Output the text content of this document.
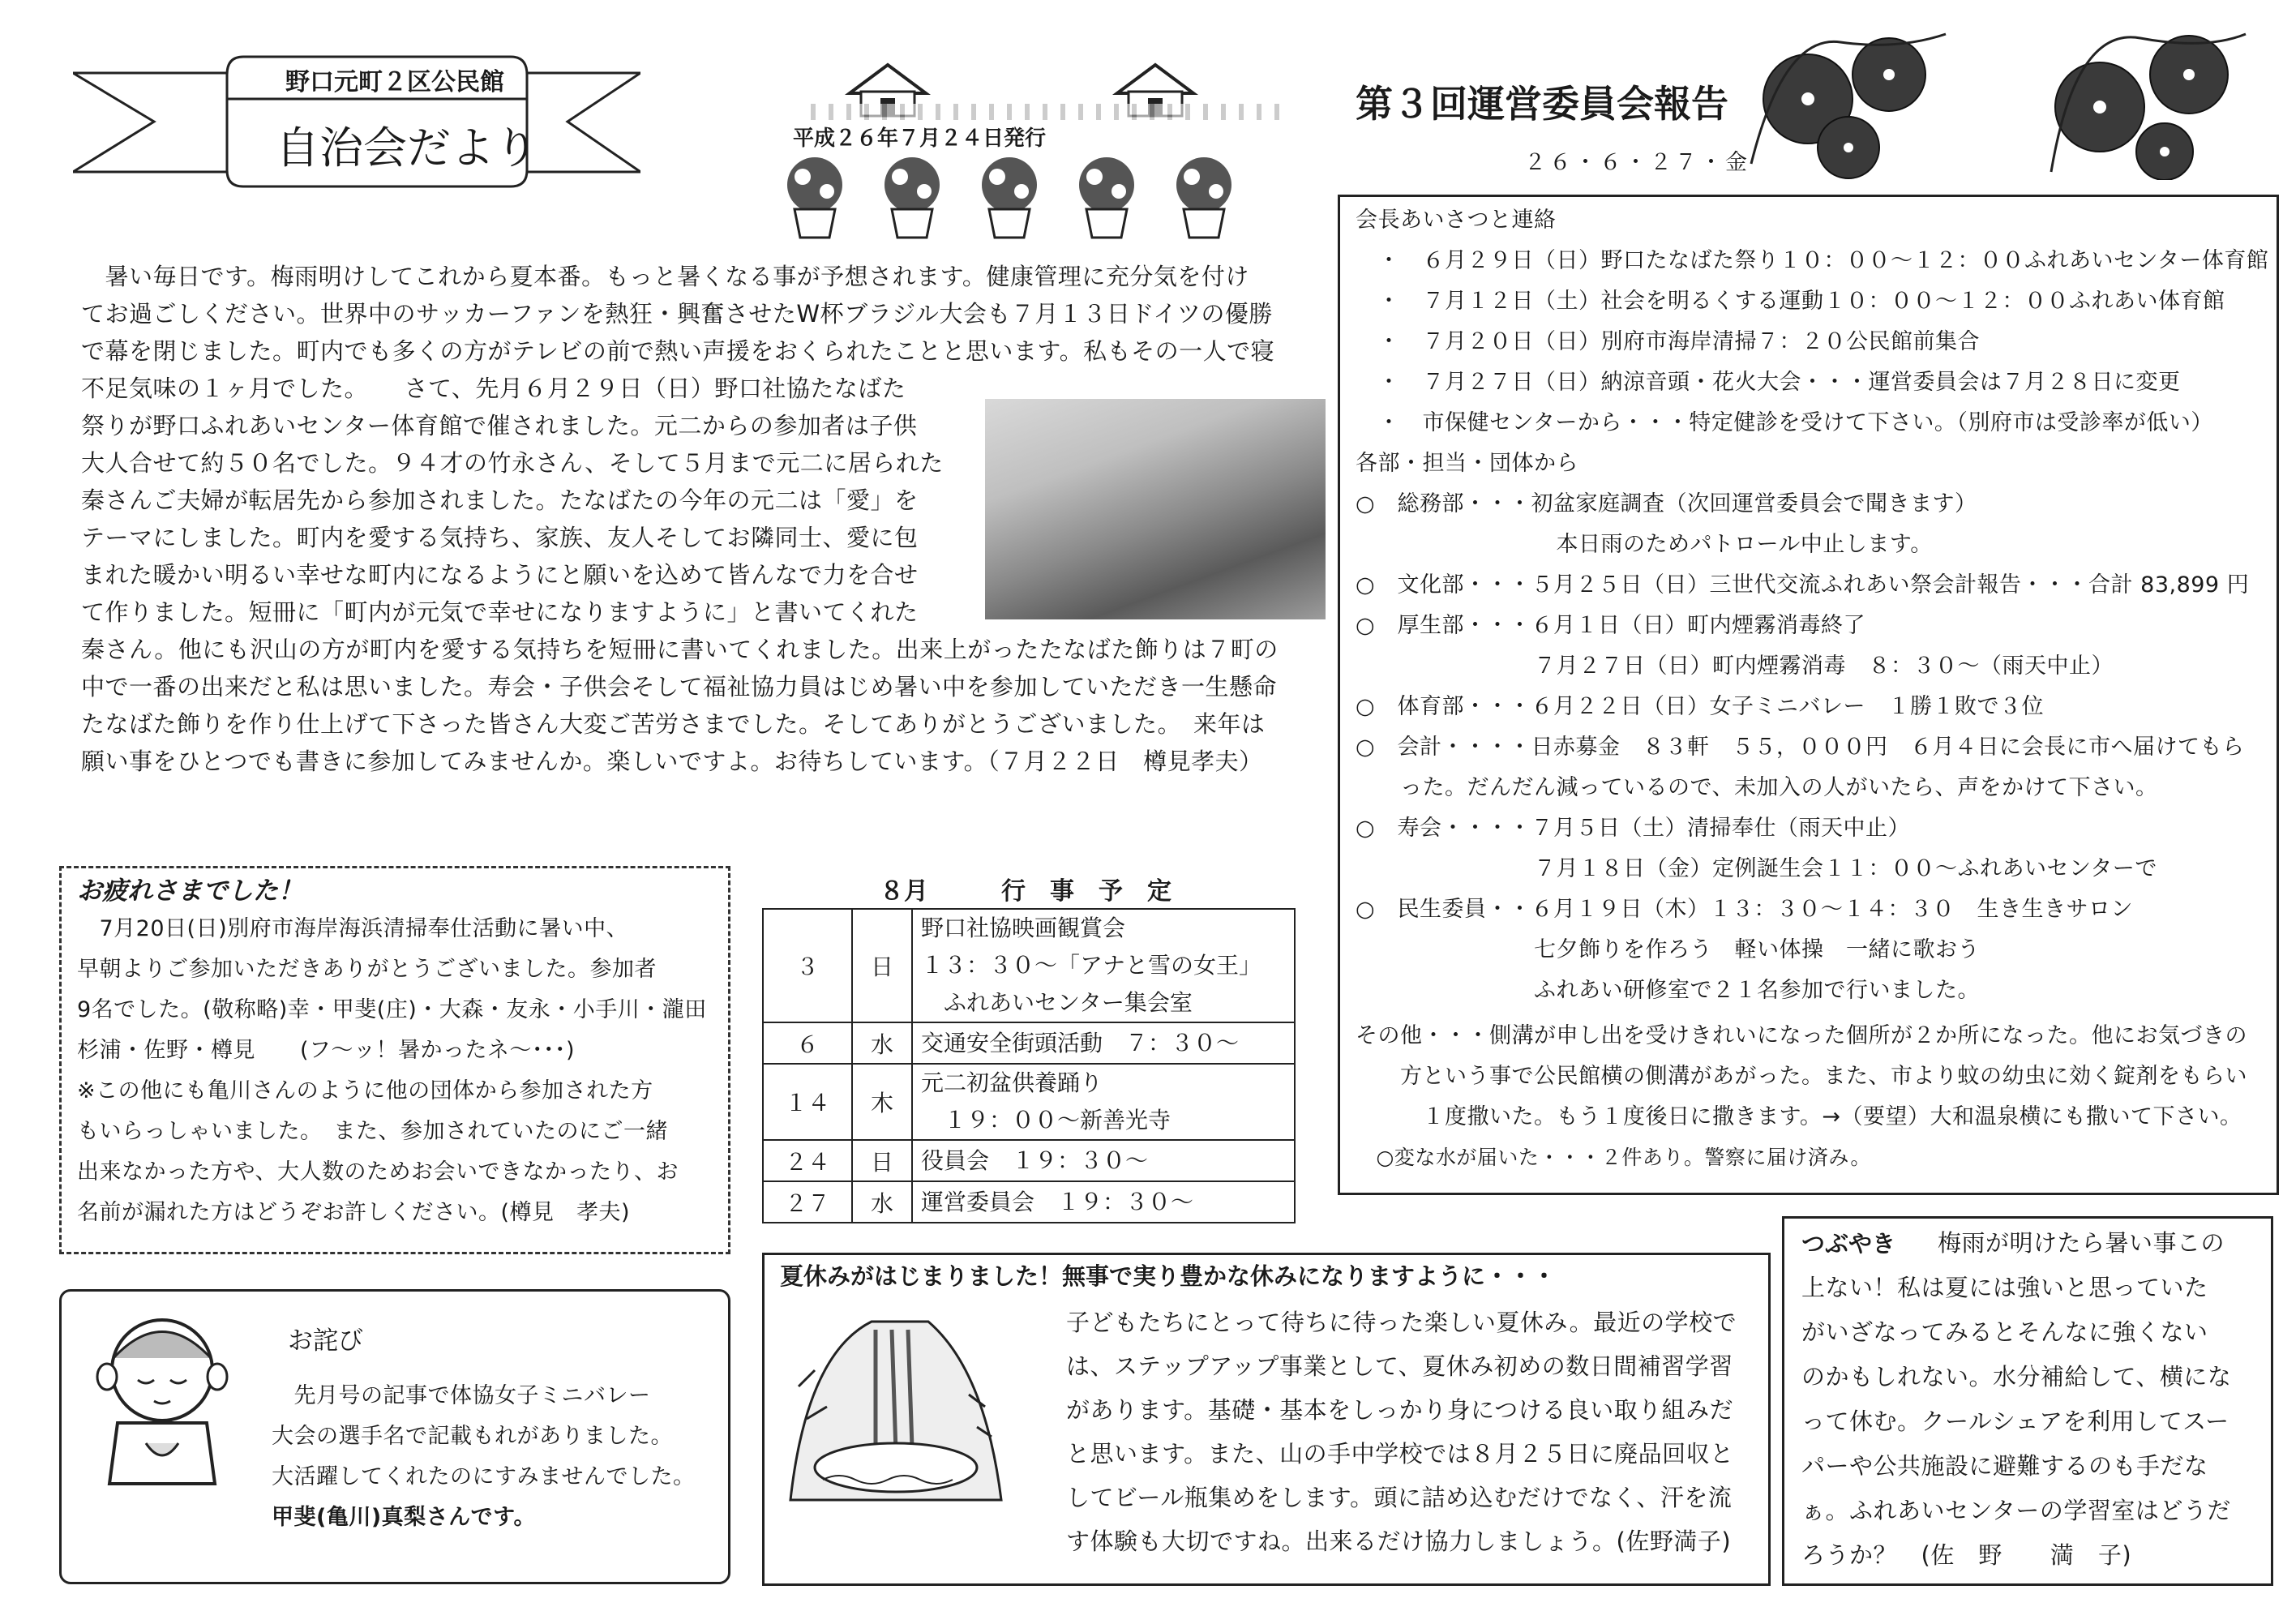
野口元町２区公民館
自治会だより	平成２６年７月２４日発行
第３回運営委員会報告
２６・６・２７・金
　暑い毎日です。梅雨明けしてこれから夏本番。もっと暑くなる事が予想されます。健康管理に充分気を付け
てお過ごしください。世界中のサッカーファンを熱狂・興奮させたW杯ブラジル大会も７月１３日ドイツの優勝
で幕を閉じました。町内でも多くの方がテレビの前で熱い声援をおくられたことと思います。私もその一人で寝
不足気味の１ヶ月でした。　　さて、先月６月２９日（日）野口社協たなばた
祭りが野口ふれあいセンター体育館で催されました。元二からの参加者は子供
大人合せて約５０名でした。９４才の竹永さん、そして５月まで元二に居られた
秦さんご夫婦が転居先から参加されました。たなばたの今年の元二は「愛」を
テーマにしました。町内を愛する気持ち、家族、友人そしてお隣同士、愛に包
まれた暖かい明るい幸せな町内になるようにと願いを込めて皆んなで力を合せ
て作りました。短冊に「町内が元気で幸せになりますように」と書いてくれた
秦さん。他にも沢山の方が町内を愛する気持ちを短冊に書いてくれました。出来上がったたなばた飾りは７町の
中で一番の出来だと私は思いました。寿会・子供会そして福祉協力員はじめ暑い中を参加していただき一生懸命
たなばた飾りを作り仕上げて下さった皆さん大変ご苦労さまでした。そしてありがとうございました。　来年は
願い事をひとつでも書きに参加してみませんか。楽しいですよ。お待ちしています。（７月２２日　樽見孝夫）
会長あいさつと連絡
　・　６月２９日（日）野口たなばた祭り１０：００～１２：００ふれあいセンター体育館
　・　７月１２日（土）社会を明るくする運動１０：００～１２：００ふれあい体育館
　・　７月２０日（日）別府市海岸清掃７：２０公民館前集合
　・　７月２７日（日）納涼音頭・花火大会・・・運営委員会は７月２８日に変更
　・　市保健センターから・・・特定健診を受けて下さい。（別府市は受診率が低い）
各部・担当・団体から
○　総務部・・・初盆家庭調査（次回運営委員会で聞きます）
　　　　　　　　　本日雨のためパトロール中止します。
○　文化部・・・５月２５日（日）三世代交流ふれあい祭会計報告・・・合計 83,899 円
○　厚生部・・・６月１日（日）町内煙霧消毒終了
　　　　　　　　７月２７日（日）町内煙霧消毒　８：３０～（雨天中止）
○　体育部・・・６月２２日（日）女子ミニバレー　１勝１敗で３位
○　会計・・・・日赤募金　８３軒　５５，０００円　６月４日に会長に市へ届けてもら
　　った。だんだん減っているので、未加入の人がいたら、声をかけて下さい。
○　寿会・・・・７月５日（土）清掃奉仕（雨天中止）
　　　　　　　　７月１８日（金）定例誕生会１１：００～ふれあいセンターで
○　民生委員・・６月１９日（木）１３：３０～１４：３０　生き生きサロン
　　　　　　　　七夕飾りを作ろう　軽い体操　一緒に歌おう
　　　　　　　　ふれあい研修室で２１名参加で行いました。
その他・・・側溝が申し出を受けきれいになった個所が２か所になった。他にお気づきの
　　方という事で公民館横の側溝があがった。また、市より蚊の幼虫に効く錠剤をもらい
　　　１度撒いた。もう１度後日に撒きます。→（要望）大和温泉横にも撒いて下さい。
　○変な水が届いた・・・２件あり。警察に届け済み。
お疲れさまでした！
　7月20日(日)別府市海岸海浜清掃奉仕活動に暑い中、
早朝よりご参加いただきありがとうございました。参加者
9名でした。(敬称略)幸・甲斐(庄)・大森・友永・小手川・瀧田
杉浦・佐野・樽見　　(フ～ッ！暑かったネ～･･･)
※この他にも亀川さんのように他の団体から参加された方
もいらっしゃいました。　また、参加されていたのにご一緒
出来なかった方や、大人数のためお会いできなかったり、お
名前が漏れた方はどうぞお許しください。(樽見　孝夫)
８月　　　行　事　予　定
３	日	野口社協映画観賞会
１３：３０～「アナと雪の女王」
　ふれあいセンター集会室

６	水	交通安全街頭活動　７：３０～

１４	木	元二初盆供養踊り
　１９：００～新善光寺

２４	日	役員会　１９：３０～

２７	水	運営委員会　１９：３０～
お詫び
　先月号の記事で体協女子ミニバレー
大会の選手名で記載もれがありました。
大活躍してくれたのにすみませんでした。
甲斐(亀川)真梨さんです。
夏休みがはじまりました！無事で実り豊かな休みになりますように・・・
子どもたちにとって待ちに待った楽しい夏休み。最近の学校で
は、ステップアップ事業として、夏休み初めの数日間補習学習
があります。基礎・基本をしっかり身につける良い取り組みだ
と思います。また、山の手中学校では８月２５日に廃品回収と
してビール瓶集めをします。頭に詰め込むだけでなく、汗を流
す体験も大切ですね。出来るだけ協力しましょう。(佐野満子)
つぶやき 梅雨が明けたら暑い事この
上ない！私は夏には強いと思っていた
がいざなってみるとそんなに強くない
のかもしれない。水分補給して、横にな
って休む。クールシェアを利用してスー
パーや公共施設に避難するのも手だな
ぁ。ふれあいセンターの学習室はどうだ
ろうか？　(佐　野　　満　子)
